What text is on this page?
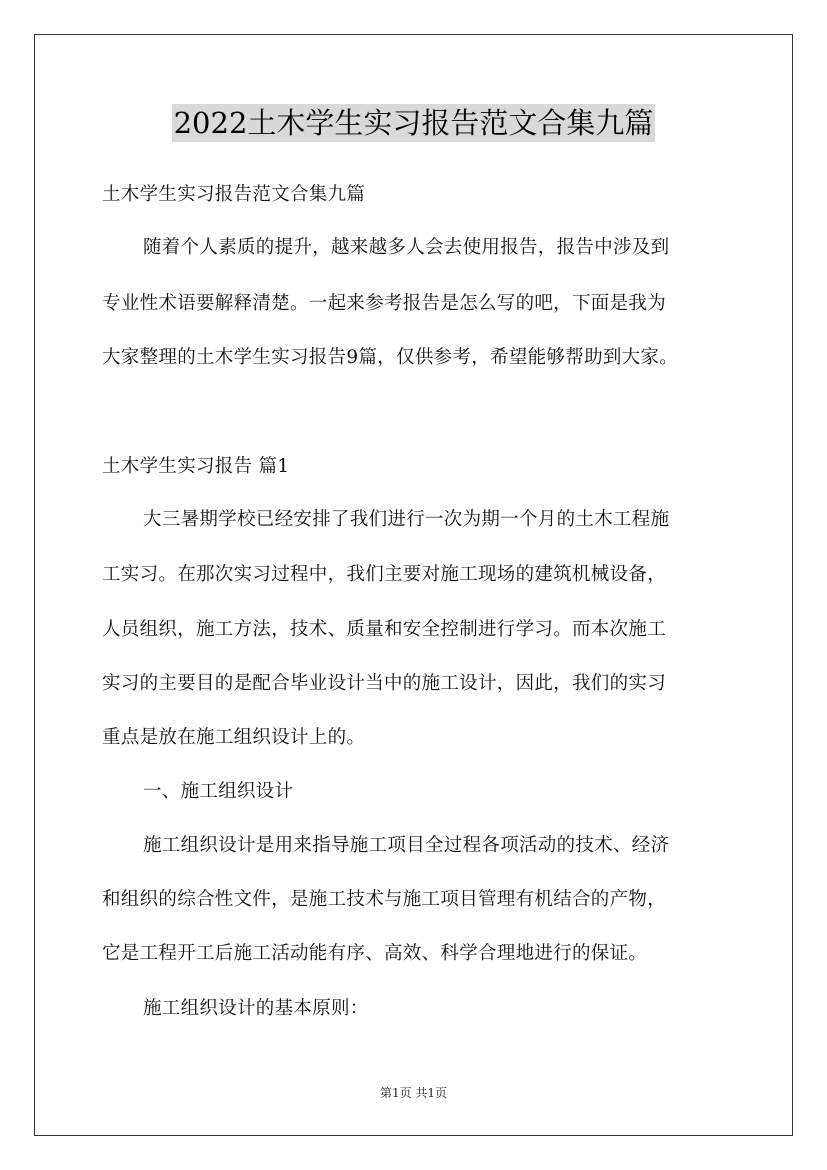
2022土木学生实习报告范文合集九篇
土木学生实习报告范文合集九篇
随着个人素质的提升，越来越多人会去使用报告，报告中涉及到
专业性术语要解释清楚。一起来参考报告是怎么写的吧，下面是我为
大家整理的土木学生实习报告9篇，仅供参考，希望能够帮助到大家。
土木学生实习报告 篇1
大三暑期学校已经安排了我们进行一次为期一个月的土木工程施
工实习。在那次实习过程中，我们主要对施工现场的建筑机械设备，
人员组织，施工方法，技术、质量和安全控制进行学习。而本次施工
实习的主要目的是配合毕业设计当中的施工设计，因此，我们的实习
重点是放在施工组织设计上的。
一、施工组织设计
施工组织设计是用来指导施工项目全过程各项活动的技术、经济
和组织的综合性文件，是施工技术与施工项目管理有机结合的产物，
它是工程开工后施工活动能有序、高效、科学合理地进行的保证。
施工组织设计的基本原则：
第1页 共1页
